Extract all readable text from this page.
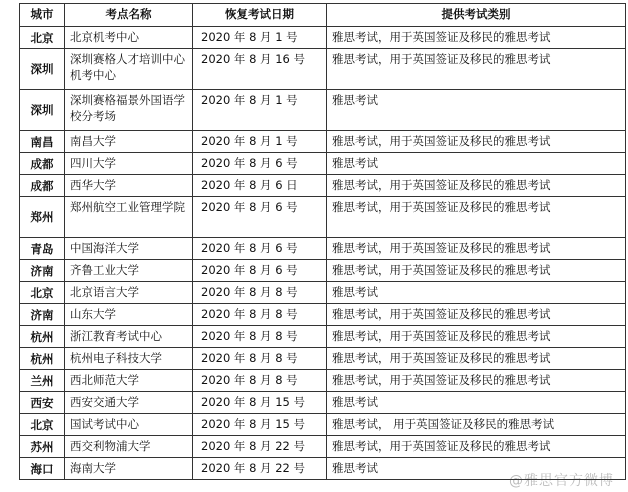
城市	考点名称	恢复考试日期	提供考试类别
北京	北京机考中心	2020 年 8 月 1 号	雅思考试，用于英国签证及移民的雅思考试
深圳	深圳赛格人才培训中心机考中心	2020 年 8 月 16 号	雅思考试，用于英国签证及移民的雅思考试
深圳	深圳赛格福景外国语学校分考场	2020 年 8 月 1 号	雅思考试
南昌	南昌大学	2020 年 8 月 1 号	雅思考试，用于英国签证及移民的雅思考试
成都	四川大学	2020 年 8 月 6 号	雅思考试
成都	西华大学	2020 年 8 月 6 日	雅思考试，用于英国签证及移民的雅思考试
郑州	郑州航空工业管理学院	2020 年 8 月 6 号	雅思考试，用于英国签证及移民的雅思考试
青岛	中国海洋大学	2020 年 8 月 6 号	雅思考试，用于英国签证及移民的雅思考试
济南	齐鲁工业大学	2020 年 8 月 6 号	雅思考试，用于英国签证及移民的雅思考试
北京	北京语言大学	2020 年 8 月 8 号	雅思考试
济南	山东大学	2020 年 8 月 8 号	雅思考试，用于英国签证及移民的雅思考试
杭州	浙江教育考试中心	2020 年 8 月 8 号	雅思考试，用于英国签证及移民的雅思考试
杭州	杭州电子科技大学	2020 年 8 月 8 号	雅思考试，用于英国签证及移民的雅思考试
兰州	西北师范大学	2020 年 8 月 8 号	雅思考试，用于英国签证及移民的雅思考试
西安	西安交通大学	2020 年 8 月 15 号	雅思考试
北京	国试考试中心	2020 年 8 月 15 号	雅思考试， 用于英国签证及移民的雅思考试
苏州	西交利物浦大学	2020 年 8 月 22 号	雅思考试，用于英国签证及移民的雅思考试
海口	海南大学	2020 年 8 月 22 号	雅思考试
@雅思官方微博
